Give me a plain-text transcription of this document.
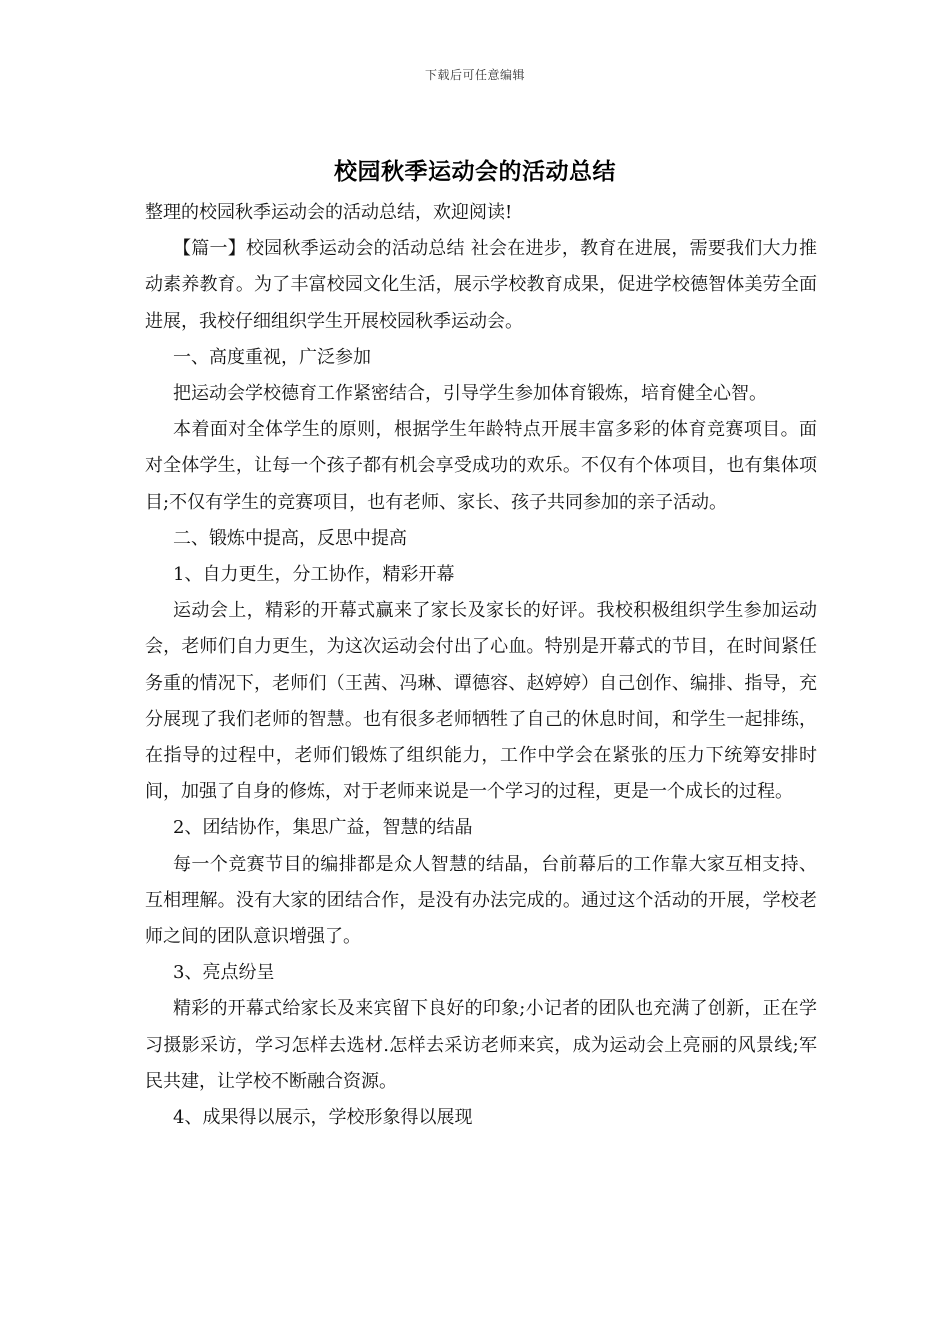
下载后可任意编辑
校园秋季运动会的活动总结

整理的校园秋季运动会的活动总结，欢迎阅读!

【篇一】校园秋季运动会的活动总结 社会在进步，教育在进展，需要我们大力推动素养教育。为了丰富校园文化生活，展示学校教育成果，促进学校德智体美劳全面进展，我校仔细组织学生开展校园秋季运动会。

一、高度重视，广泛参加

把运动会学校德育工作紧密结合，引导学生参加体育锻炼，培育健全心智。

本着面对全体学生的原则，根据学生年龄特点开展丰富多彩的体育竞赛项目。面对全体学生，让每一个孩子都有机会享受成功的欢乐。不仅有个体项目，也有集体项目;不仅有学生的竞赛项目，也有老师、家长、孩子共同参加的亲子活动。

二、锻炼中提高，反思中提高

1、自力更生，分工协作，精彩开幕

运动会上，精彩的开幕式赢来了家长及家长的好评。我校积极组织学生参加运动会，老师们自力更生，为这次运动会付出了心血。特别是开幕式的节目，在时间紧任务重的情况下，老师们（王茜、冯琳、谭德容、赵婷婷）自己创作、编排、指导，充分展现了我们老师的智慧。也有很多老师牺牲了自己的休息时间，和学生一起排练，在指导的过程中，老师们锻炼了组织能力，工作中学会在紧张的压力下统筹安排时间，加强了自身的修炼，对于老师来说是一个学习的过程，更是一个成长的过程。

2、团结协作，集思广益，智慧的结晶

每一个竞赛节目的编排都是众人智慧的结晶，台前幕后的工作靠大家互相支持、互相理解。没有大家的团结合作，是没有办法完成的。通过这个活动的开展，学校老师之间的团队意识增强了。

3、亮点纷呈

精彩的开幕式给家长及来宾留下良好的印象;小记者的团队也充满了创新，正在学习摄影采访，学习怎样去选材.怎样去采访老师来宾，成为运动会上亮丽的风景线;军民共建，让学校不断融合资源。

4、成果得以展示，学校形象得以展现
